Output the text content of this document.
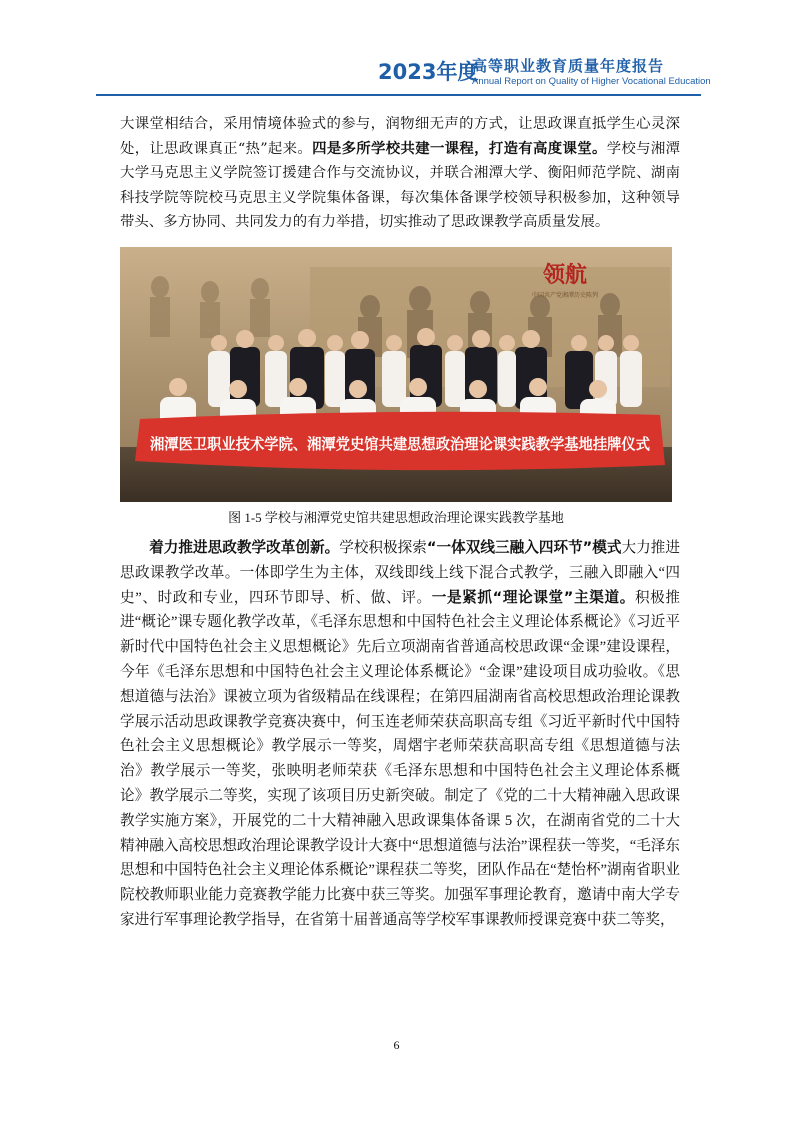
2023年度
高等职业教育质量年度报告
Annual Report on Quality of Higher Vocational Education
大课堂相结合，采用情境体验式的参与，润物细无声的方式，让思政课直抵学生心灵深处，让思政课真正“热”起来。四是多所学校共建一课程，打造有高度课堂。学校与湘潭大学马克思主义学院签订援建合作与交流协议，并联合湘潭大学、衡阳师范学院、湖南科技学院等院校马克思主义学院集体备课，每次集体备课学校领导积极参加，这种领导带头、多方协同、共同发力的有力举措，切实推动了思政课教学高质量发展。
领航
中国共产党湘潭历史陈列
湘潭医卫职业技术学院、湘潭党史馆共建思想政治理论课实践教学基地挂牌仪式
图 1-5 学校与湘潭党史馆共建思想政治理论课实践教学基地
着力推进思政教学改革创新。学校积极探索“一体双线三融入四环节”模式大力推进思政课教学改革。一体即学生为主体，双线即线上线下混合式教学，三融入即融入“四史”、时政和专业，四环节即导、析、做、评。一是紧抓“理论课堂”主渠道。积极推进“概论”课专题化教学改革，《毛泽东思想和中国特色社会主义理论体系概论》《习近平新时代中国特色社会主义思想概论》先后立项湖南省普通高校思政课“金课”建设课程，今年《毛泽东思想和中国特色社会主义理论体系概论》“金课”建设项目成功验收。《思想道德与法治》课被立项为省级精品在线课程；在第四届湖南省高校思想政治理论课教学展示活动思政课教学竞赛决赛中，何玉连老师荣获高职高专组《习近平新时代中国特色社会主义思想概论》教学展示一等奖，周熠宇老师荣获高职高专组《思想道德与法治》教学展示一等奖，张映明老师荣获《毛泽东思想和中国特色社会主义理论体系概论》教学展示二等奖，实现了该项目历史新突破。制定了《党的二十大精神融入思政课教学实施方案》，开展党的二十大精神融入思政课集体备课 5 次，在湖南省党的二十大精神融入高校思想政治理论课教学设计大赛中“思想道德与法治”课程获一等奖，“毛泽东思想和中国特色社会主义理论体系概论”课程获二等奖，团队作品在“楚怡杯”湖南省职业院校教师职业能力竞赛教学能力比赛中获三等奖。加强军事理论教育，邀请中南大学专家进行军事理论教学指导，在省第十届普通高等学校军事课教师授课竞赛中获二等奖，
6
